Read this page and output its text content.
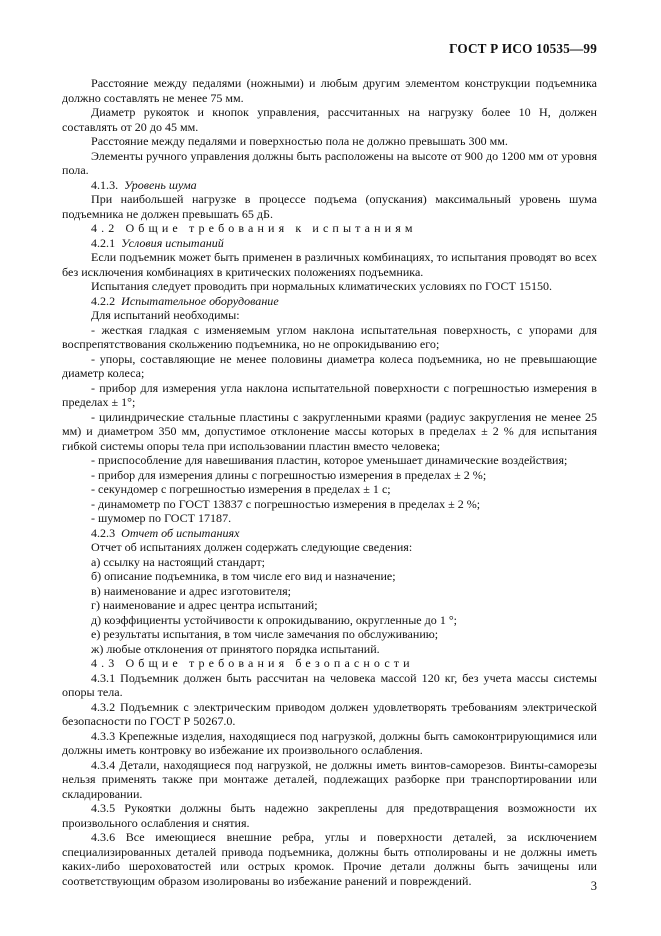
ГОСТ Р ИСО 10535—99

Расстояние между педалями (ножными) и любым другим элементом конструкции подъемника должно составлять не менее 75 мм.

Диаметр рукояток и кнопок управления, рассчитанных на нагрузку более 10 Н, должен составлять от 20 до 45 мм.

Расстояние между педалями и поверхностью пола не должно превышать 300 мм.

Элементы ручного управления должны быть расположены на высоте от 900 до 1200 мм от уровня пола.

4.1.3. Уровень шума

При наибольшей нагрузке в процессе подъема (опускания) максимальный уровень шума подъемника не должен превышать 65 дБ.

4.2 Общие требования к испытаниям

4.2.1 Условия испытаний

Если подъемник может быть применен в различных комбинациях, то испытания проводят во всех без исключения комбинациях в критических положениях подъемника.

Испытания следует проводить при нормальных климатических условиях по ГОСТ 15150.

4.2.2 Испытательное оборудование

Для испытаний необходимы:

- жесткая гладкая с изменяемым углом наклона испытательная поверхность, с упорами для воспрепятствования скольжению подъемника, но не опрокидыванию его;

- упоры, составляющие не менее половины диаметра колеса подъемника, но не превышающие диаметр колеса;

- прибор для измерения угла наклона испытательной поверхности с погрешностью измерения в пределах ± 1°;

- цилиндрические стальные пластины с закругленными краями (радиус закругления не менее 25 мм) и диаметром 350 мм, допустимое отклонение массы которых в пределах ± 2 % для испытания гибкой системы опоры тела при использовании пластин вместо человека;

- приспособление для навешивания пластин, которое уменьшает динамические воздействия;

- прибор для измерения длины с погрешностью измерения в пределах ± 2 %;

- секундомер с погрешностью измерения в пределах ± 1 с;

- динамометр по ГОСТ 13837 с погрешностью измерения в пределах ± 2 %;

- шумомер по ГОСТ 17187.

4.2.3 Отчет об испытаниях

Отчет об испытаниях должен содержать следующие сведения:

а) ссылку на настоящий стандарт;

б) описание подъемника, в том числе его вид и назначение;

в) наименование и адрес изготовителя;

г) наименование и адрес центра испытаний;

д) коэффициенты устойчивости к опрокидыванию, округленные до 1 °;

е) результаты испытания, в том числе замечания по обслуживанию;

ж) любые отклонения от принятого порядка испытаний.

4.3 Общие требования безопасности

4.3.1 Подъемник должен быть рассчитан на человека массой 120 кг, без учета массы системы опоры тела.

4.3.2 Подъемник с электрическим приводом должен удовлетворять требованиям электрической безопасности по ГОСТ Р 50267.0.

4.3.3 Крепежные изделия, находящиеся под нагрузкой, должны быть самоконтрирующимися или должны иметь контровку во избежание их произвольного ослабления.

4.3.4 Детали, находящиеся под нагрузкой, не должны иметь винтов-саморезов. Винты-саморезы нельзя применять также при монтаже деталей, подлежащих разборке при транспортировании или складировании.

4.3.5 Рукоятки должны быть надежно закреплены для предотвращения возможности их произвольного ослабления и снятия.

4.3.6 Все имеющиеся внешние ребра, углы и поверхности деталей, за исключением специализированных деталей привода подъемника, должны быть отполированы и не должны иметь каких-либо шероховатостей или острых кромок. Прочие детали должны быть зачищены или соответствующим образом изолированы во избежание ранений и повреждений.	3
